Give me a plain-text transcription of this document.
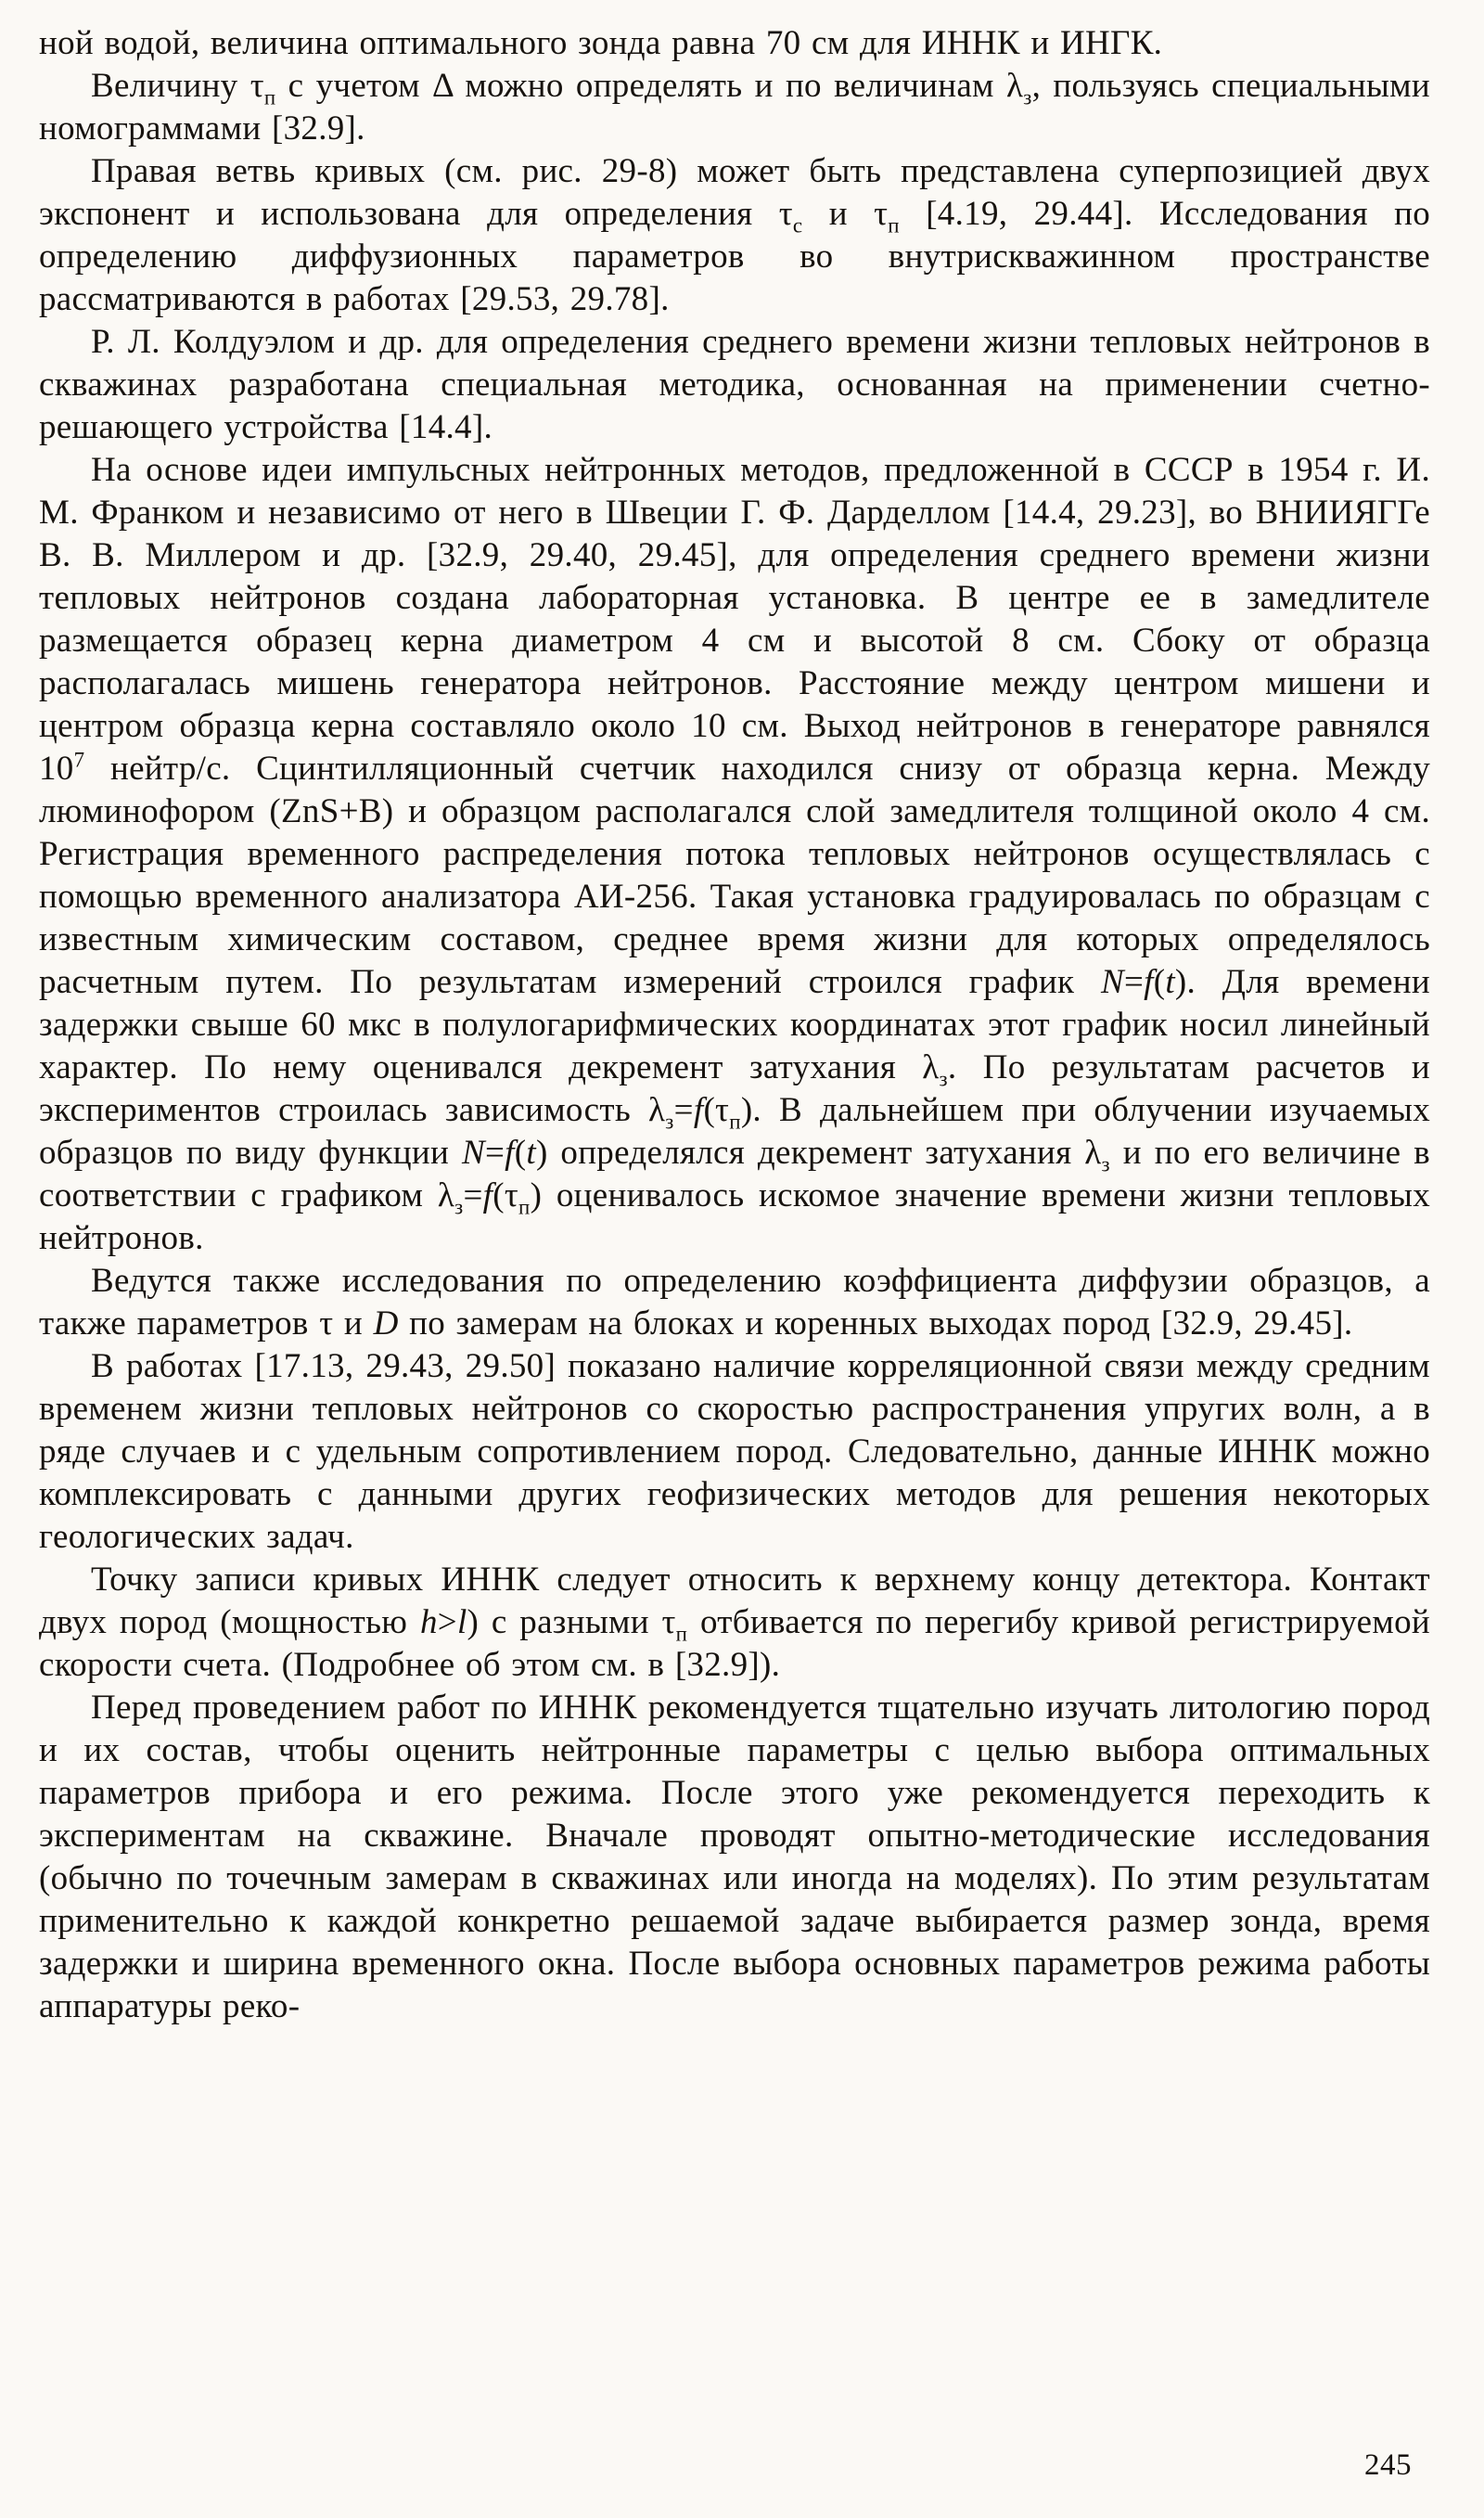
ной водой, величина оптимального зонда равна 70 см для ИННК и ИНГК.

Величину $\tau_п$ с учетом Δ можно определять и по величинам $\lambda_з$, пользуясь специальными номограммами [32.9].

Правая ветвь кривых (см. рис. 29-8) может быть представлена суперпозицией двух экспонент и использована для определения $\tau_с$ и $\tau_п$ [4.19, 29.44]. Исследования по определению диффузионных параметров во внутрискважинном пространстве рассматриваются в работах [29.53, 29.78].

Р. Л. Колдуэлом и др. для определения среднего времени жизни тепловых нейтронов в скважинах разработана специальная методика, основанная на применении счетно-решающего устройства [14.4].

На основе идеи импульсных нейтронных методов, предложенной в СССР в 1954 г. И. М. Франком и независимо от него в Швеции Г. Ф. Дарделлом [14.4, 29.23], во ВНИИЯГГе В. В. Миллером и др. [32.9, 29.40, 29.45], для определения среднего времени жизни тепловых нейтронов создана лабораторная установка. В центре ее в замедлителе размещается образец керна диаметром 4 см и высотой 8 см. Сбоку от образца располагалась мишень генератора нейтронов. Расстояние между центром мишени и центром образца керна составляло около 10 см. Выход нейтронов в генераторе равнялся $10^7$ нейтр/с. Сцинтилляционный счетчик находился снизу от образца керна. Между люминофором (ZnS+B) и образцом располагался слой замедлителя толщиной около 4 см. Регистрация временного распределения потока тепловых нейтронов осуществлялась с помощью временного анализатора АИ-256. Такая установка градуировалась по образцам с известным химическим составом, среднее время жизни для которых определялось расчетным путем. По результатам измерений строился график N=f(t). Для времени задержки свыше 60 мкс в полулогарифмических координатах этот график носил линейный характер. По нему оценивался декремент затухания $\lambda_з$. По результатам расчетов и экспериментов строилась зависимость $\lambda_з=f(\tau_п)$. В дальнейшем при облучении изучаемых образцов по виду функции N=f(t) определялся декремент затухания $\lambda_з$ и по его величине в соответствии с графиком $\lambda_з=f(\tau_п)$ оценивалось искомое значение времени жизни тепловых нейтронов.

Ведутся также исследования по определению коэффициента диффузии образцов, а также параметров τ и D по замерам на блоках и коренных выходах пород [32.9, 29.45].

В работах [17.13, 29.43, 29.50] показано наличие корреляционной связи между средним временем жизни тепловых нейтронов со скоростью распространения упругих волн, а в ряде случаев и с удельным сопротивлением пород. Следовательно, данные ИННК можно комплексировать с данными других геофизических методов для решения некоторых геологических задач.

Точку записи кривых ИННК следует относить к верхнему концу детектора. Контакт двух пород (мощностью h>l) с разными $\tau_п$ отбивается по перегибу кривой регистрируемой скорости счета. (Подробнее об этом см. в [32.9]).

Перед проведением работ по ИННК рекомендуется тщательно изучать литологию пород и их состав, чтобы оценить нейтронные параметры с целью выбора оптимальных параметров прибора и его режима. После этого уже рекомендуется переходить к экспериментам на скважине. Вначале проводят опытно-методические исследования (обычно по точечным замерам в скважинах или иногда на моделях). По этим результатам применительно к каждой конкретно решаемой задаче выбирается размер зонда, время задержки и ширина временного окна. После выбора основных параметров режима работы аппаратуры реко-

245
